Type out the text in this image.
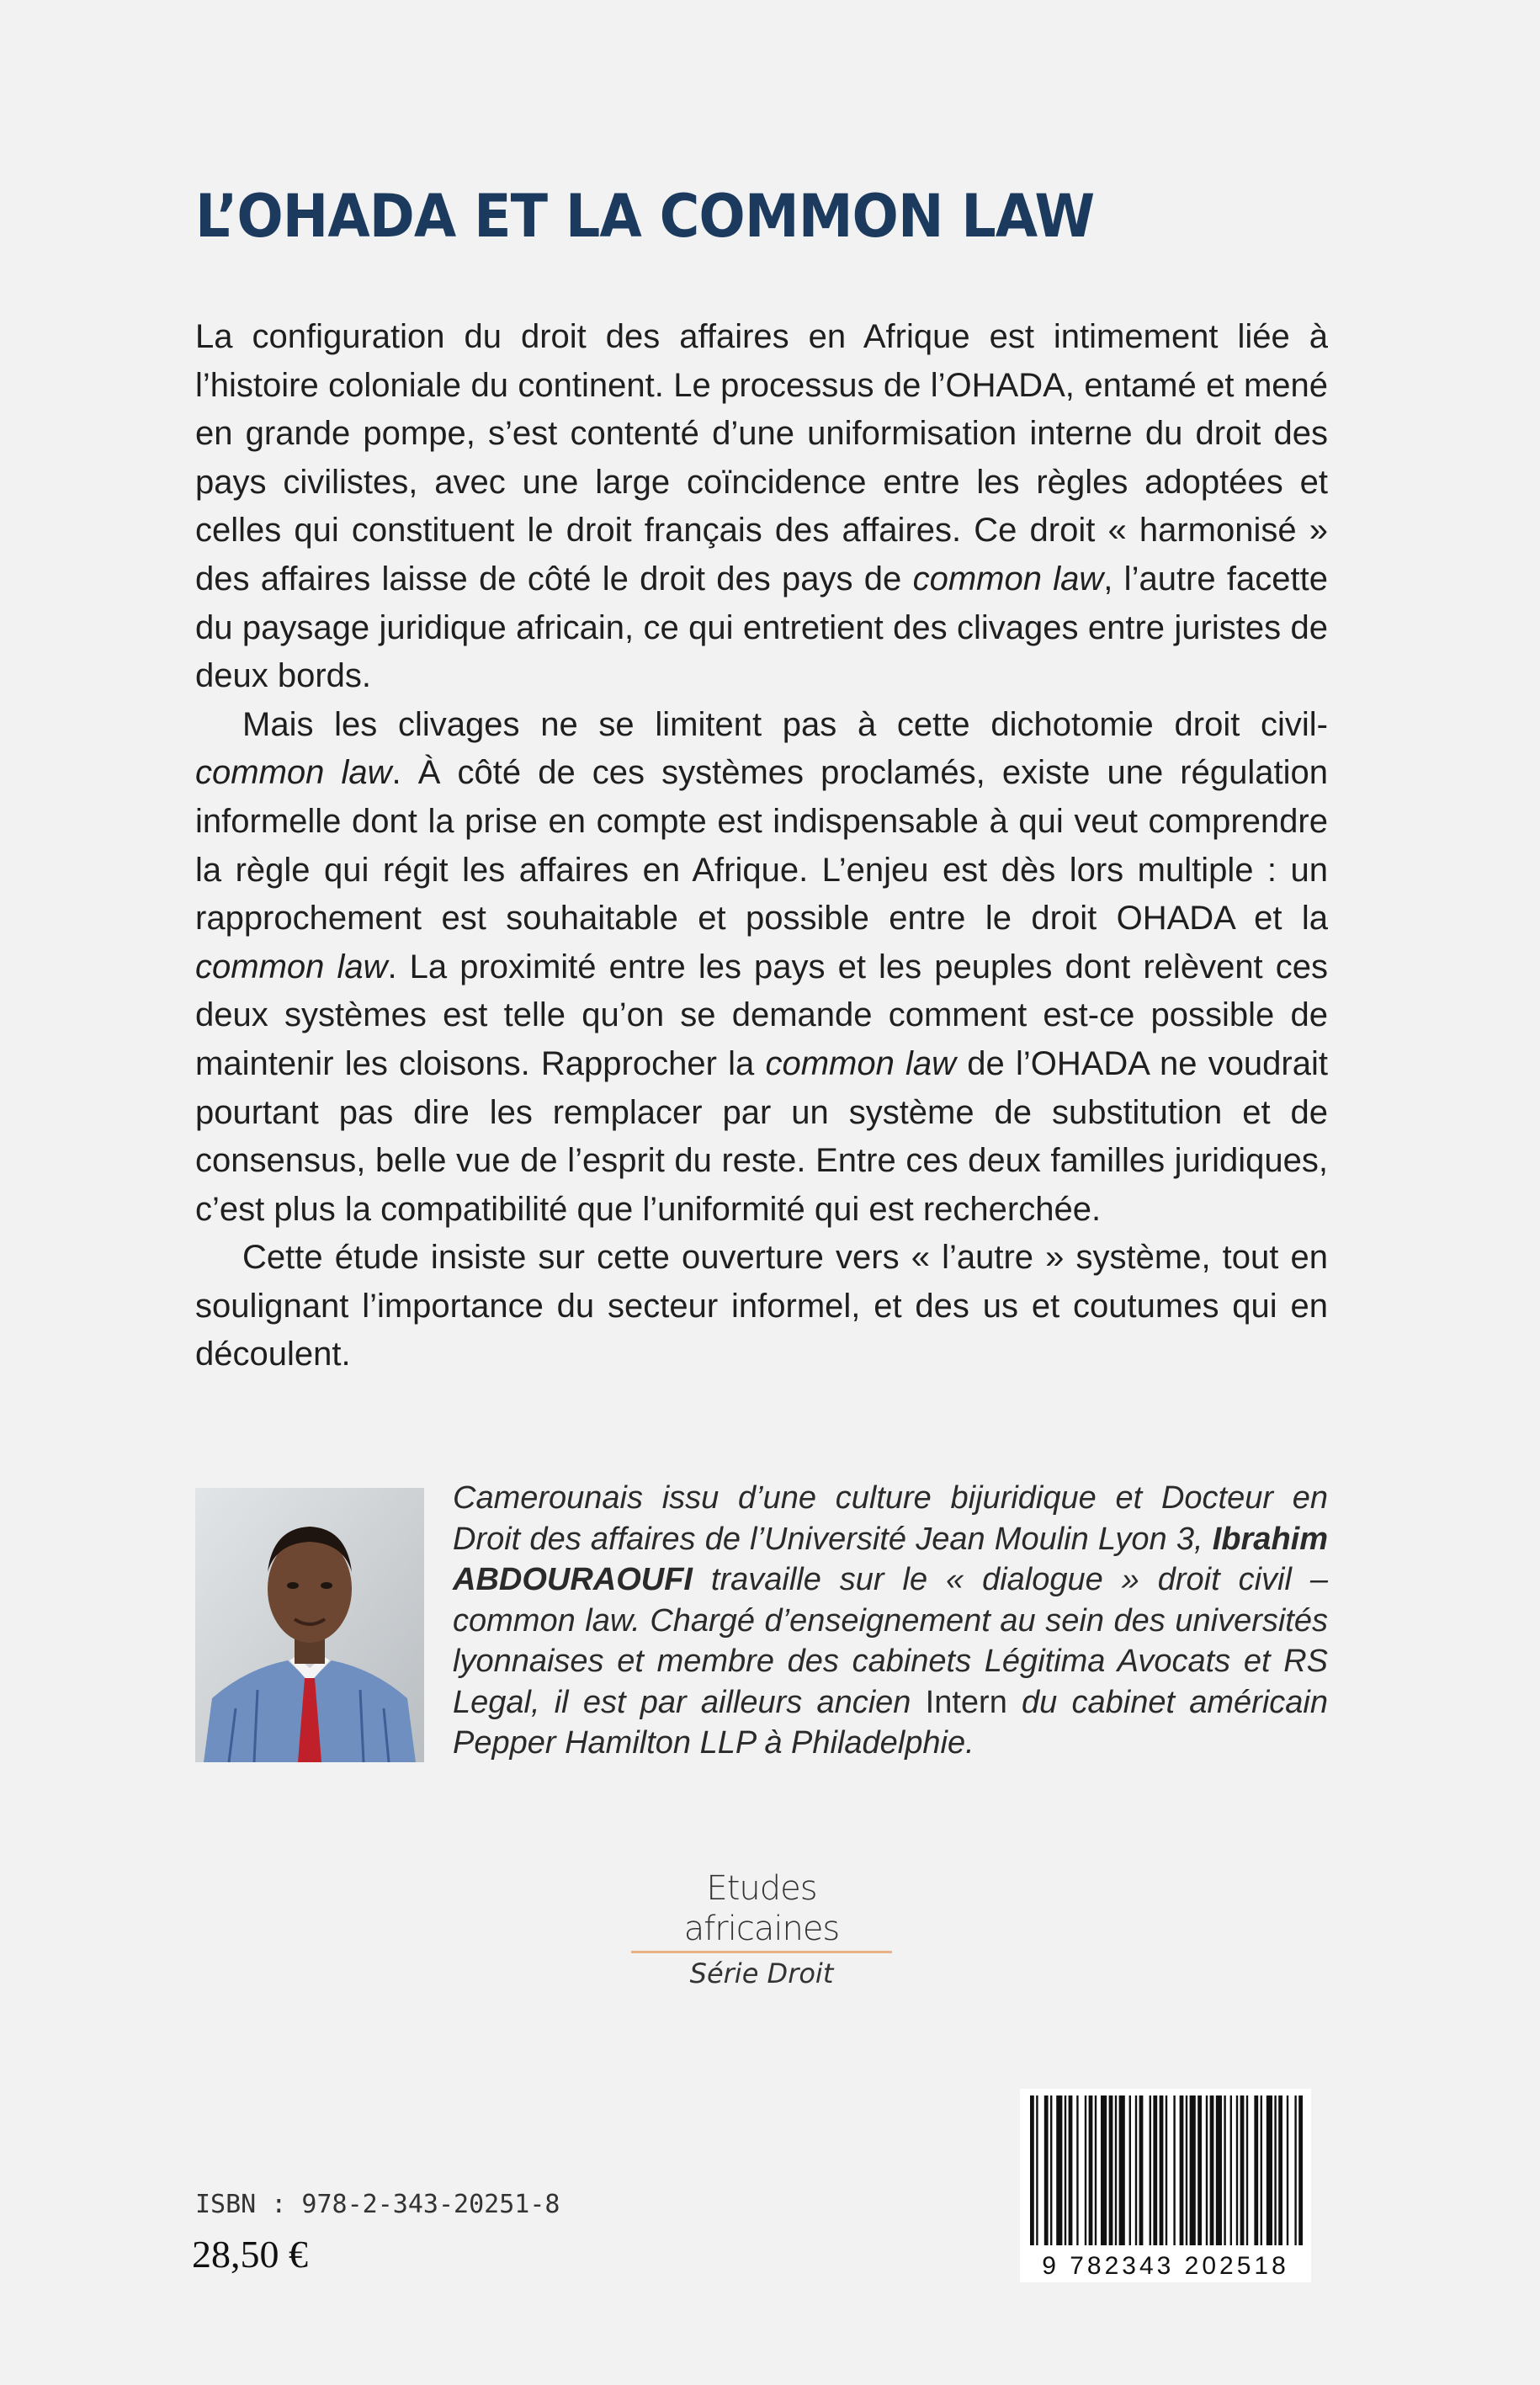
L’OHADA ET LA COMMON LAW

La configuration du droit des affaires en Afrique est intimement liée à l’histoire coloniale du continent. Le processus de l’OHADA, entamé et mené en grande pompe, s’est contenté d’une uniformisation interne du droit des pays civilistes, avec une large coïncidence entre les règles adoptées et celles qui constituent le droit français des affaires. Ce droit « harmonisé » des affaires laisse de côté le droit des pays de common law, l’autre facette du paysage juridique africain, ce qui entretient des clivages entre juristes de deux bords.

Mais les clivages ne se limitent pas à cette dichotomie droit civil-common law. À côté de ces systèmes proclamés, existe une régulation informelle dont la prise en compte est indispensable à qui veut comprendre la règle qui régit les affaires en Afrique. L’enjeu est dès lors multiple : un rapprochement est souhaitable et possible entre le droit OHADA et la common law. La proximité entre les pays et les peuples dont relèvent ces deux systèmes est telle qu’on se demande comment est-ce possible de maintenir les cloisons. Rapprocher la common law de l’OHADA ne voudrait pourtant pas dire les remplacer par un système de substitution et de consensus, belle vue de l’esprit du reste. Entre ces deux familles juridiques, c’est plus la compatibilité que l’uniformité qui est recherchée.

Cette étude insiste sur cette ouverture vers « l’autre » système, tout en soulignant l’importance du secteur informel, et des us et coutumes qui en découlent.

Camerounais issu d’une culture bijuridique et Docteur en Droit des affaires de l’Université Jean Moulin Lyon 3, Ibrahim ABDOURAOUFI travaille sur le « dialogue » droit civil – common law. Chargé d’enseignement au sein des universités lyonnaises et membre des cabinets Légitima Avocats et RS Legal, il est par ailleurs ancien Intern du cabinet américain Pepper Hamilton LLP à Philadelphie.
Etudes africaines
Série Droit
ISBN : 978-2-343-20251-8
28,50 €	9 782343 202518
